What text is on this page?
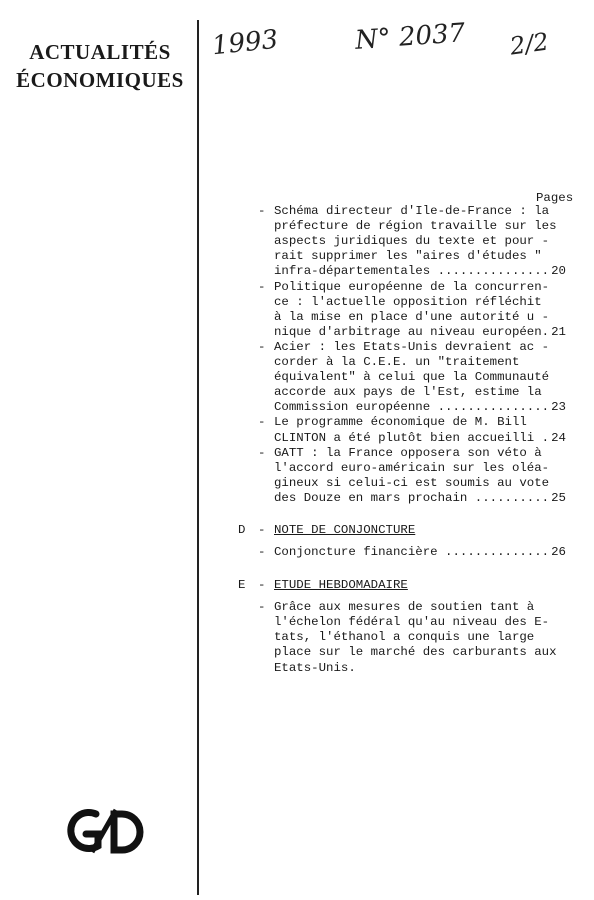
ACTUALITÉS
ÉCONOMIQUES
1993	N° 2037 2/2
Pages
- Schéma directeur d'Ile-de-France : la
préfecture de région travaille sur les
aspects juridiques du texte et pour -
rait supprimer les "aires d'études "
infra-départementales ............... 20
- Politique européenne de la concurren-
ce : l'actuelle opposition réfléchit
à la mise en place d'une autorité u -
nique d'arbitrage au niveau européen. 21
- Acier : les Etats-Unis devraient ac -
corder à la C.E.E. un "traitement
équivalent" à celui que la Communauté
accorde aux pays de l'Est, estime la
Commission européenne ............... 23
- Le programme économique de M. Bill
CLINTON a été plutôt bien accueilli . 24
- GATT : la France opposera son véto à
l'accord euro-américain sur les oléa-
gineux si celui-ci est soumis au vote
des Douze en mars prochain .......... 25
D - NOTE DE CONJONCTURE
- Conjoncture financière .............. 26
E - ETUDE HEBDOMADAIRE
- Grâce aux mesures de soutien tant à
l'échelon fédéral qu'au niveau des E-
tats, l'éthanol a conquis une large
place sur le marché des carburants aux
Etats-Unis.
